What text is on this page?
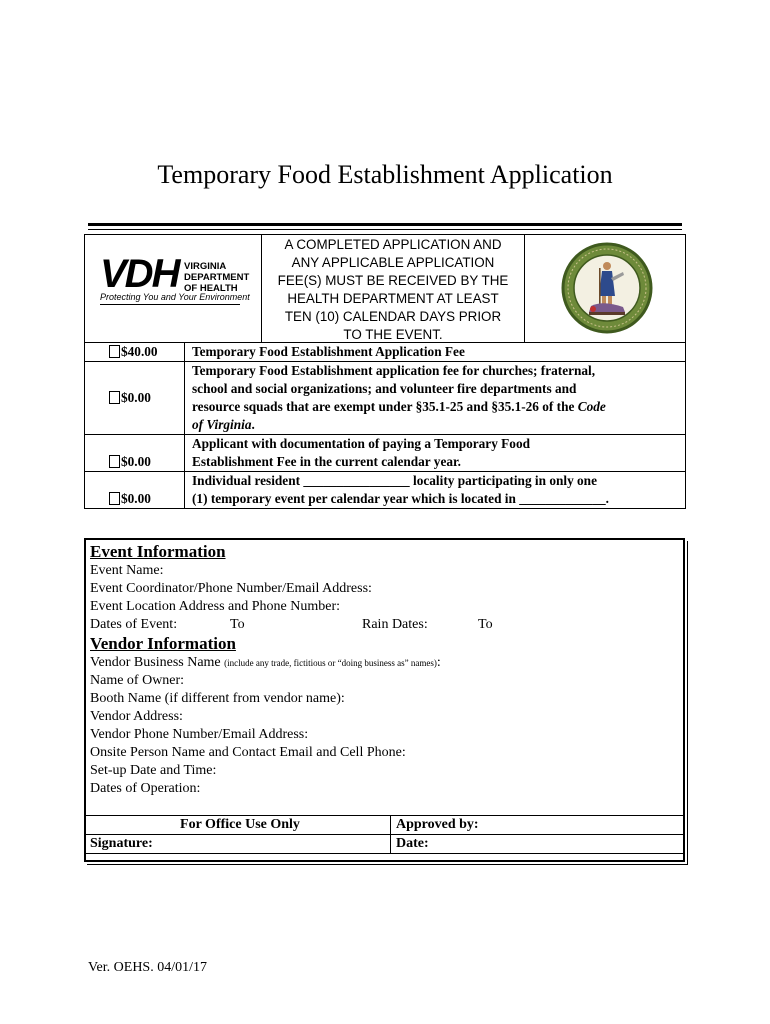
Temporary Food Establishment Application
VDH VIRGINIA
DEPARTMENT
OF HEALTH
Protecting You and Your Environment
A COMPLETED APPLICATION AND
ANY APPLICABLE APPLICATION
FEE(S) MUST BE RECEIVED BY THE
HEALTH DEPARTMENT AT LEAST
TEN (10) CALENDAR DAYS PRIOR
TO THE EVENT.
$40.00	Temporary Food Establishment Application Fee

$0.00	Temporary Food Establishment application fee for churches; fraternal,
school and social organizations; and volunteer fire departments and
resource squads that are exempt under §35.1-25 and §35.1-26 of the Code
of Virginia.

$0.00	Applicant with documentation of paying a Temporary Food
Establishment Fee in the current calendar year.

$0.00	Individual resident ________________ locality participating in only one
(1) temporary event per calendar year which is located in _____________.
Event Information
Event Name:
Event Coordinator/Phone Number/Email Address:
Event Location Address and Phone Number:
Dates of Event:	To	Rain Dates:	To
Vendor Information
Vendor Business Name (include any trade, fictitious or “doing business as” names):
Name of Owner:
Booth Name (if different from vendor name):
Vendor Address:
Vendor Phone Number/Email Address:
Onsite Person Name and Contact Email and Cell Phone:
Set-up Date and Time:
Dates of Operation:
For Office Use Only	Approved by:
Signature:	Date:
Ver. OEHS. 04/01/17
